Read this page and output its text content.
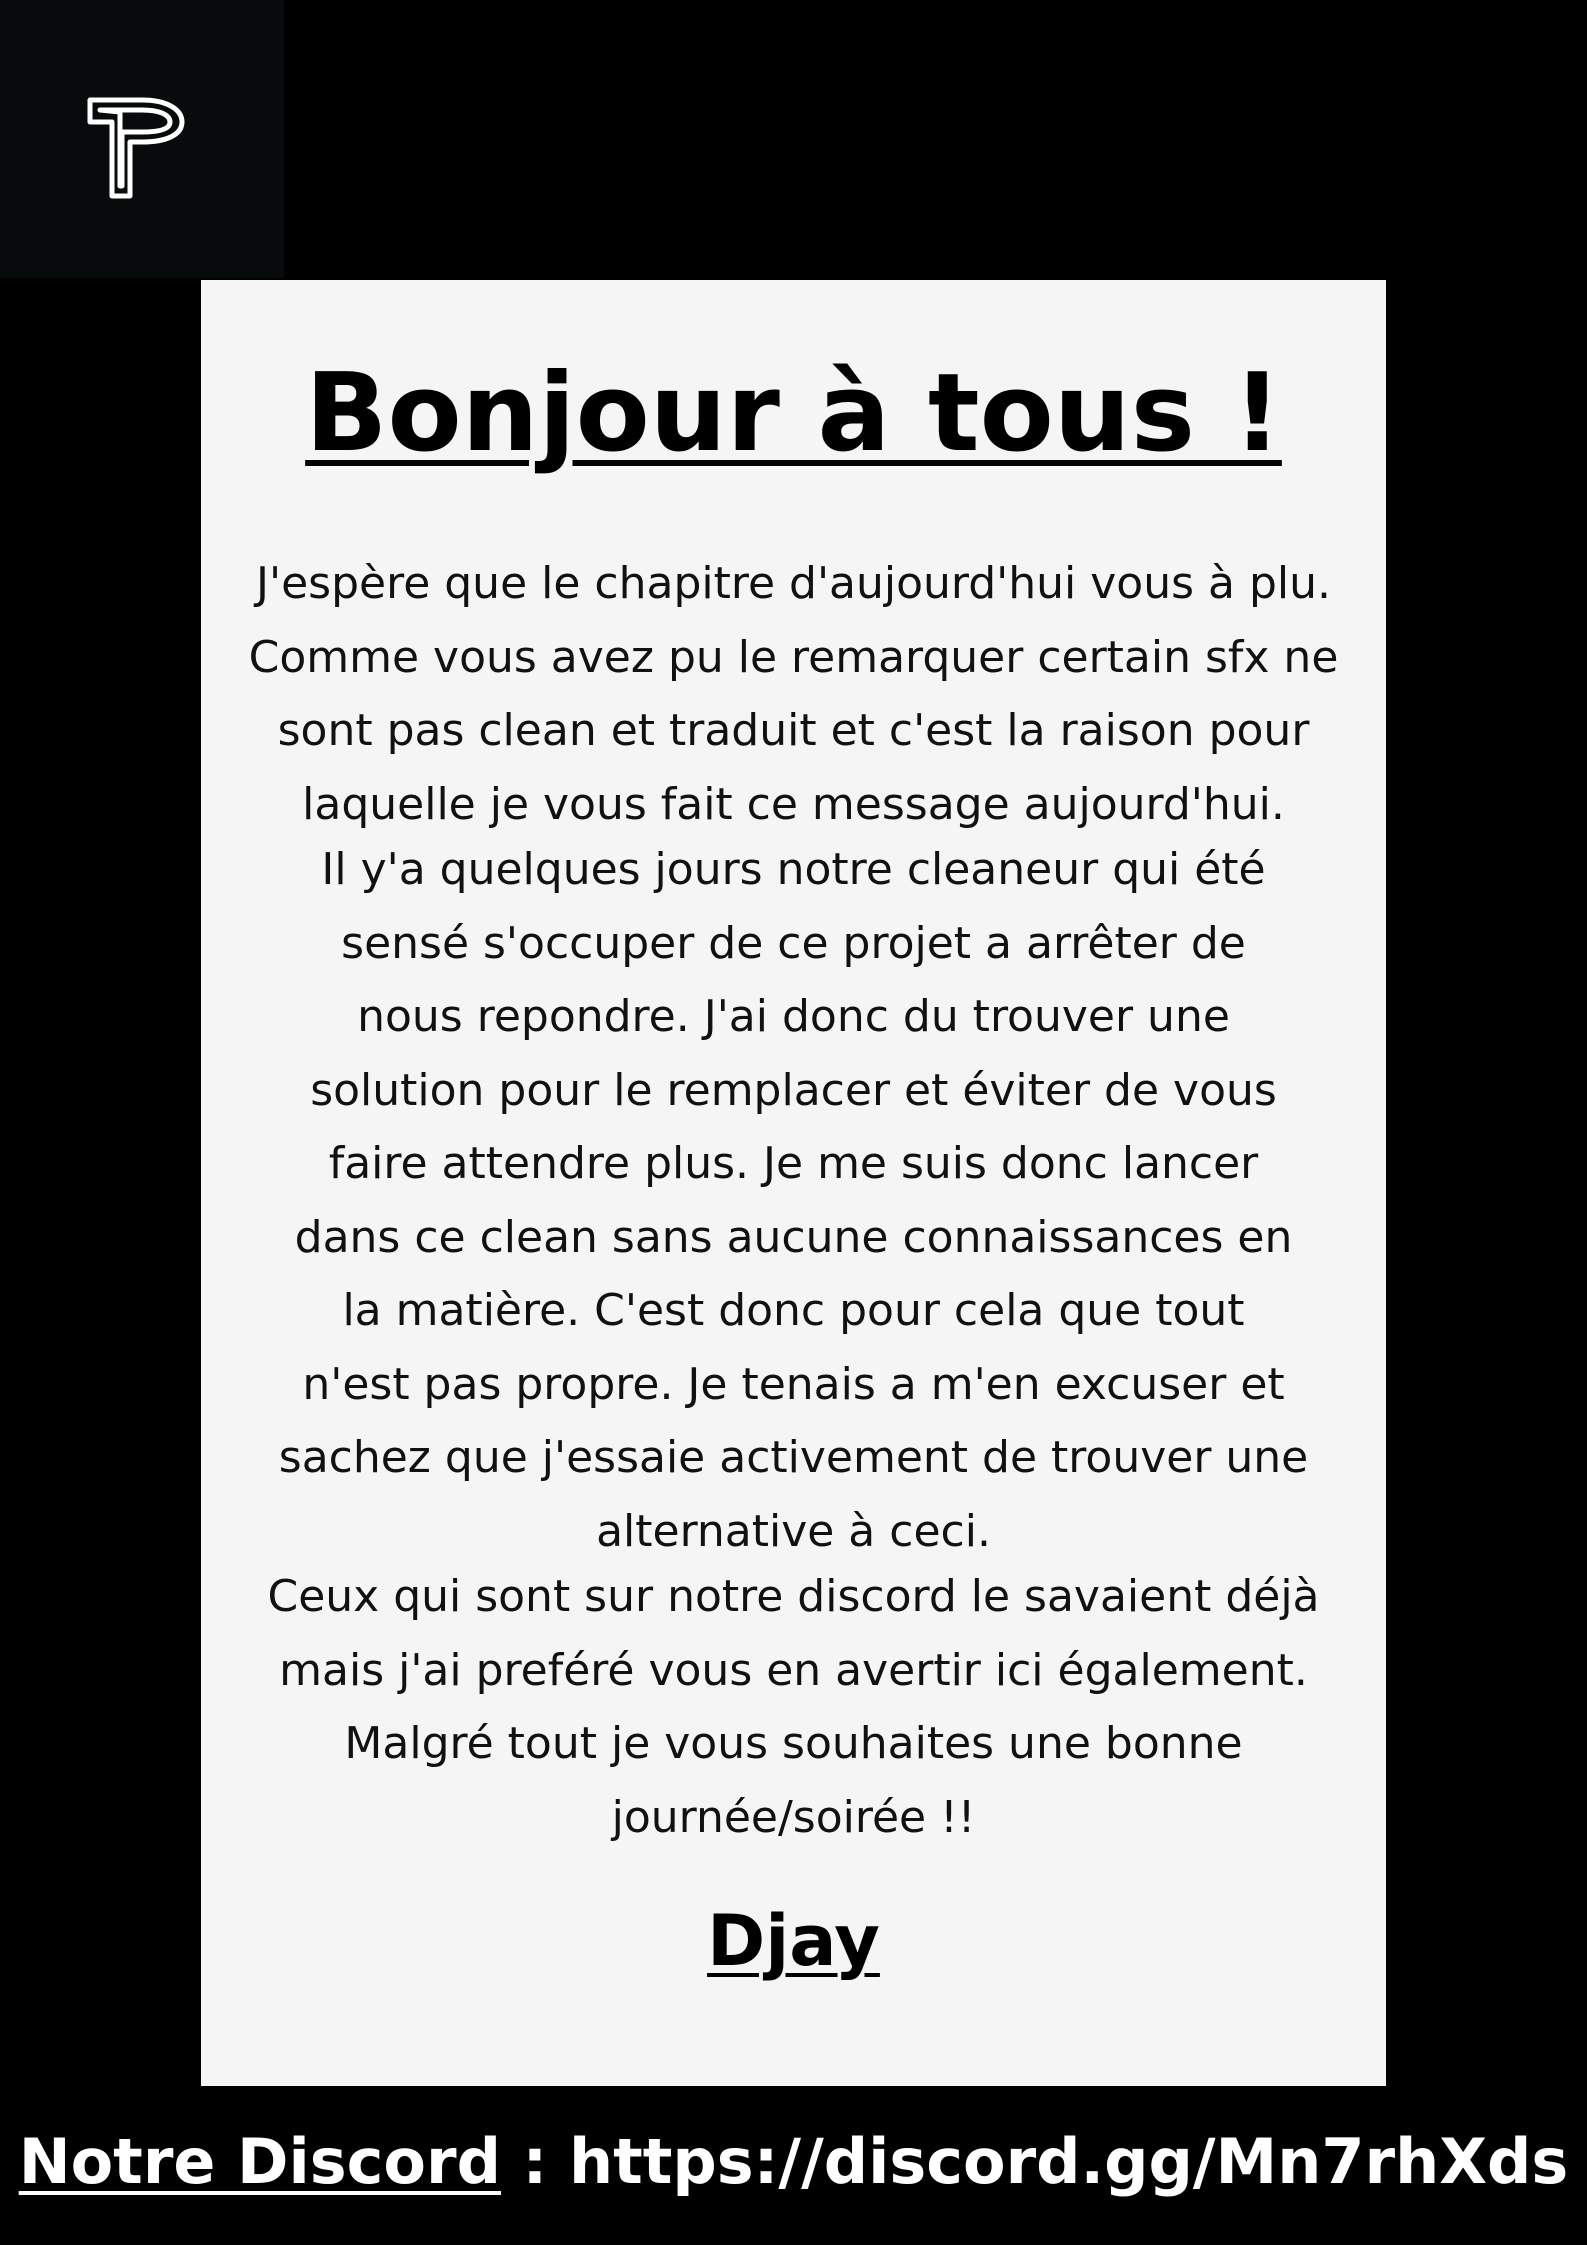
Bonjour à tous !
J'espère que le chapitre d'aujourd'hui vous à plu.
Comme vous avez pu le remarquer certain sfx ne
sont pas clean et traduit et c'est la raison pour
laquelle je vous fait ce message aujourd'hui.
Il y'a quelques jours notre cleaneur qui été
sensé s'occuper de ce projet a arrêter de
nous repondre. J'ai donc du trouver une
solution pour le remplacer et éviter de vous
faire attendre plus. Je me suis donc lancer
dans ce clean sans aucune connaissances en
la matière. C'est donc pour cela que tout
n'est pas propre. Je tenais a m'en excuser et
sachez que j'essaie activement de trouver une
alternative à ceci.
Ceux qui sont sur notre discord le savaient déjà
mais j'ai preféré vous en avertir ici également.
Malgré tout je vous souhaites une bonne
journée/soirée !!
Djay
Notre Discord : https://discord.gg/Mn7rhXds
